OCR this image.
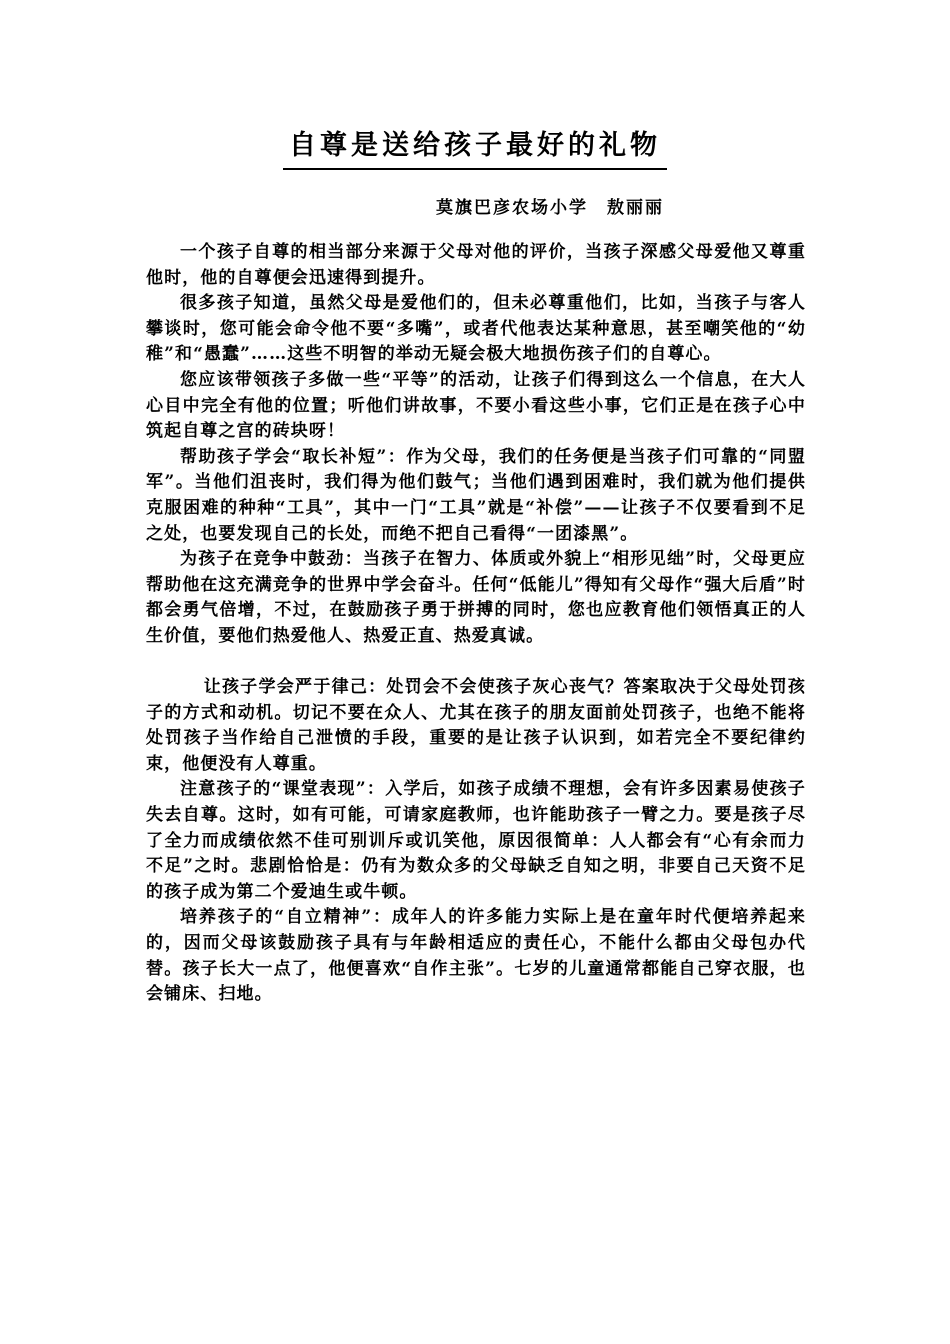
自尊是送给孩子最好的礼物
莫旗巴彦农场小学　敖丽丽

一个孩子自尊的相当部分来源于父母对他的评价，当孩子深感父母爱他又尊重他时，他的自尊便会迅速得到提升。

很多孩子知道，虽然父母是爱他们的，但未必尊重他们，比如，当孩子与客人攀谈时，您可能会命令他不要“多嘴”，或者代他表达某种意思，甚至嘲笑他的“幼稚”和“愚蠢”……这些不明智的举动无疑会极大地损伤孩子们的自尊心。

您应该带领孩子多做一些“平等”的活动，让孩子们得到这么一个信息，在大人心目中完全有他的位置；听他们讲故事，不要小看这些小事，它们正是在孩子心中筑起自尊之宫的砖块呀！

帮助孩子学会“取长补短”：作为父母，我们的任务便是当孩子们可靠的“同盟军”。当他们沮丧时，我们得为他们鼓气；当他们遇到困难时，我们就为他们提供克服困难的种种“工具”，其中一门“工具”就是“补偿”——让孩子不仅要看到不足之处，也要发现自己的长处，而绝不把自己看得“一团漆黑”。

为孩子在竞争中鼓劲：当孩子在智力、体质或外貌上“相形见绌”时，父母更应帮助他在这充满竞争的世界中学会奋斗。任何“低能儿”得知有父母作“强大后盾”时都会勇气倍增，不过，在鼓励孩子勇于拼搏的同时，您也应教育他们领悟真正的人生价值，要他们热爱他人、热爱正直、热爱真诚。

让孩子学会严于律己：处罚会不会使孩子灰心丧气？答案取决于父母处罚孩子的方式和动机。切记不要在众人、尤其在孩子的朋友面前处罚孩子，也绝不能将处罚孩子当作给自己泄愤的手段，重要的是让孩子认识到，如若完全不要纪律约束，他便没有人尊重。

注意孩子的“课堂表现”：入学后，如孩子成绩不理想，会有许多因素易使孩子失去自尊。这时，如有可能，可请家庭教师，也许能助孩子一臂之力。要是孩子尽了全力而成绩依然不佳可别训斥或讥笑他，原因很简单：人人都会有“心有余而力不足”之时。悲剧恰恰是：仍有为数众多的父母缺乏自知之明，非要自己天资不足的孩子成为第二个爱迪生或牛顿。

培养孩子的“自立精神”：成年人的许多能力实际上是在童年时代便培养起来的，因而父母该鼓励孩子具有与年龄相适应的责任心，不能什么都由父母包办代替。孩子长大一点了，他便喜欢“自作主张”。七岁的儿童通常都能自己穿衣服，也会铺床、扫地。
